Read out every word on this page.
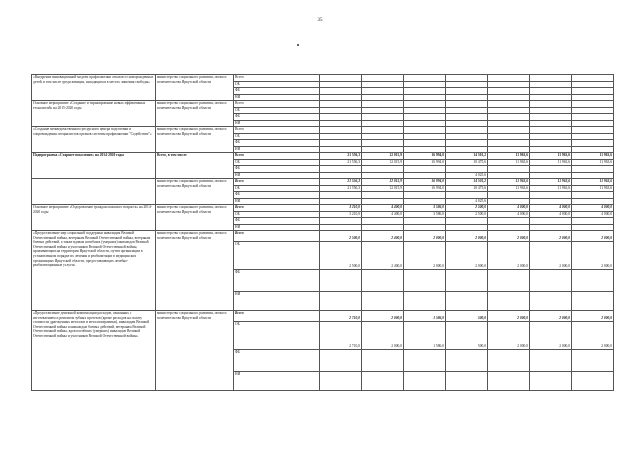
35
«Внедрение инновационной модели профилактики отказов от новорожденных детей, в том числе среди женщин, находящихся в местах лишения свободы»	министерство социального развития, опеки и попечительства Иркутской области	Всего							
		ОБ							
		ФБ							
		НИ							
Основное мероприятие «Создание и тиражирование новых эффективных технологий» на 2015-2020 годы	министерство социального развития, опеки и попечительства Иркутской области	Всего							
		ОБ							
		ФБ							
		НИ							
«Создание межведомственного ресурсного центра подготовки и сопровождения специалистов органов системы профилактики "Содействие"»	министерство социального развития, опеки и попечительства Иркутской области	Всего							
		ОБ							
		ФБ							
		НИ							
Подпрограмма «Старшее поколение» на 2014-2020 годы	Всего, в том числе	Всего	21 556,3	12 015,9	16 994,0	14 501,2	11 963,6	11 963,6	11 963,6
		ОБ	21 556,3	12 015,9	16 994,0	10 475,6	11 963,6	11 963,6	11 963,6
		ФБ							
		НИ				4 025,6			
	министерство социального развития, опеки и попечительства Иркутской области	Всего	21 556,3	12 015,9	16 994,0	14 501,2	11 963,6	11 963,6	11 963,6
		ОБ	21 556,3	12 015,9	16 994,0	10 475,6	11 963,6	11 963,6	11 963,6
		ФБ							
		НИ				4 025,6			
Основное мероприятие «Оздоровление граждан пожилого возраста» на 2014-2020 годы	министерство социального развития, опеки и попечительства Иркутской области	Всего	3 210,0	4 400,0	3 586,0	2 500,0	4 000,0	4 000,0	4 000,0
		ОБ	3 210,0	4 400,0	3 586,0	2 500,0	4 000,0	4 000,0	4 000,0
		ФБ							
		НИ							
«Предоставление мер социальной поддержки инвалидам Великой Отечественной войны, ветеранам Великой Отечественной войны, ветеранам боевых действий, а также вдовам погибших (умерших) инвалидов Великой Отечественной войны и участников Великой Отечественной войны, проживающим на территории Иркутской области, путем организации в установленном порядке их лечения и реабилитации в медицинских организациях Иркутской области, предоставляющих лечебно-реабилитационные услуги»	министерство социального развития, опеки и попечительства Иркутской области	Всего	2 500,0	2 400,0	2 000,0	2 000,0	2 000,0	2 000,0	2 000,0
		ОБ	2 500,0	2 400,0	2 000,0	2 000,0	2 000,0	2 000,0	2 000,0
		ФБ							
		НИ							
«Предоставление денежной компенсации расходов, связанных с изготовлением и ремонтом зубных протезов (кроме расходов на оплату стоимости драгоценных металлов и металлокерамики), инвалидам Великой Отечественной войны и инвалидам боевых действий, ветеранам Великой Отечественной войны, вдов погибших (умерших) инвалидов Великой Отечественной войны и участников Великой Отечественной войны»	министерство социального развития, опеки и попечительства Иркутской области	Всего	2 710,0	2 000,0	1 586,0	500,0	2 000,0	2 000,0	2 000,0
		ОБ	2 710,0	2 000,0	1 586,0	500,0	2 000,0	2 000,0	2 000,0
		ФБ							
		НИ							
